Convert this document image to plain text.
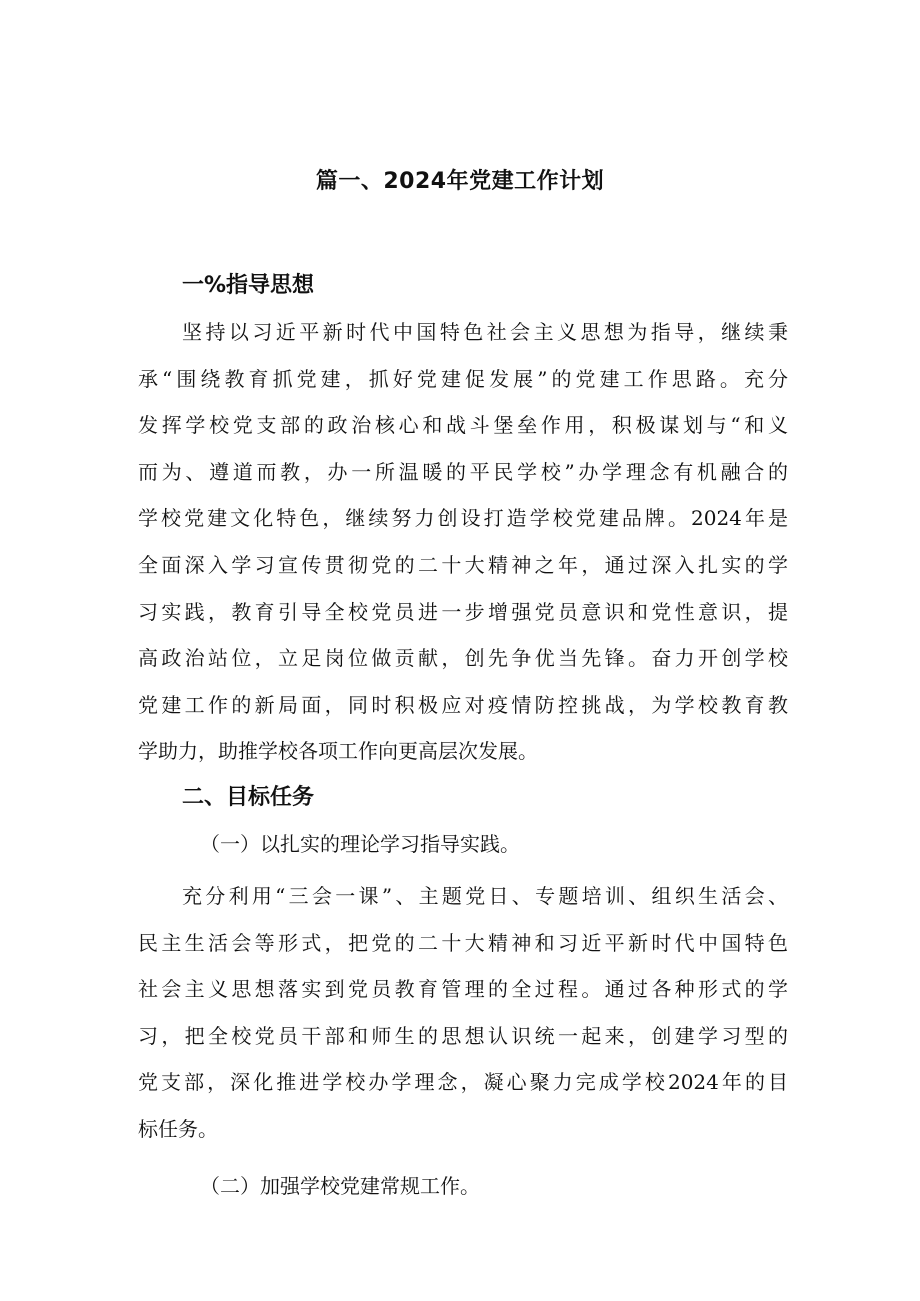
篇一、2024年党建工作计划
一%指导思想
坚持以习近平新时代中国特色社会主义思想为指导，继续秉
承“围绕教育抓党建，抓好党建促发展”的党建工作思路。充分
发挥学校党支部的政治核心和战斗堡垒作用，积极谋划与“和义
而为、遵道而教，办一所温暖的平民学校”办学理念有机融合的
学校党建文化特色，继续努力创设打造学校党建品牌。2024年是
全面深入学习宣传贯彻党的二十大精神之年，通过深入扎实的学
习实践，教育引导全校党员进一步增强党员意识和党性意识，提
高政治站位，立足岗位做贡献，创先争优当先锋。奋力开创学校
党建工作的新局面，同时积极应对疫情防控挑战，为学校教育教
学助力，助推学校各项工作向更高层次发展。
二、目标任务
（一）以扎实的理论学习指导实践。
充分利用“三会一课”、主题党日、专题培训、组织生活会、
民主生活会等形式，把党的二十大精神和习近平新时代中国特色
社会主义思想落实到党员教育管理的全过程。通过各种形式的学
习，把全校党员干部和师生的思想认识统一起来，创建学习型的
党支部，深化推进学校办学理念，凝心聚力完成学校2024年的目
标任务。
（二）加强学校党建常规工作。
